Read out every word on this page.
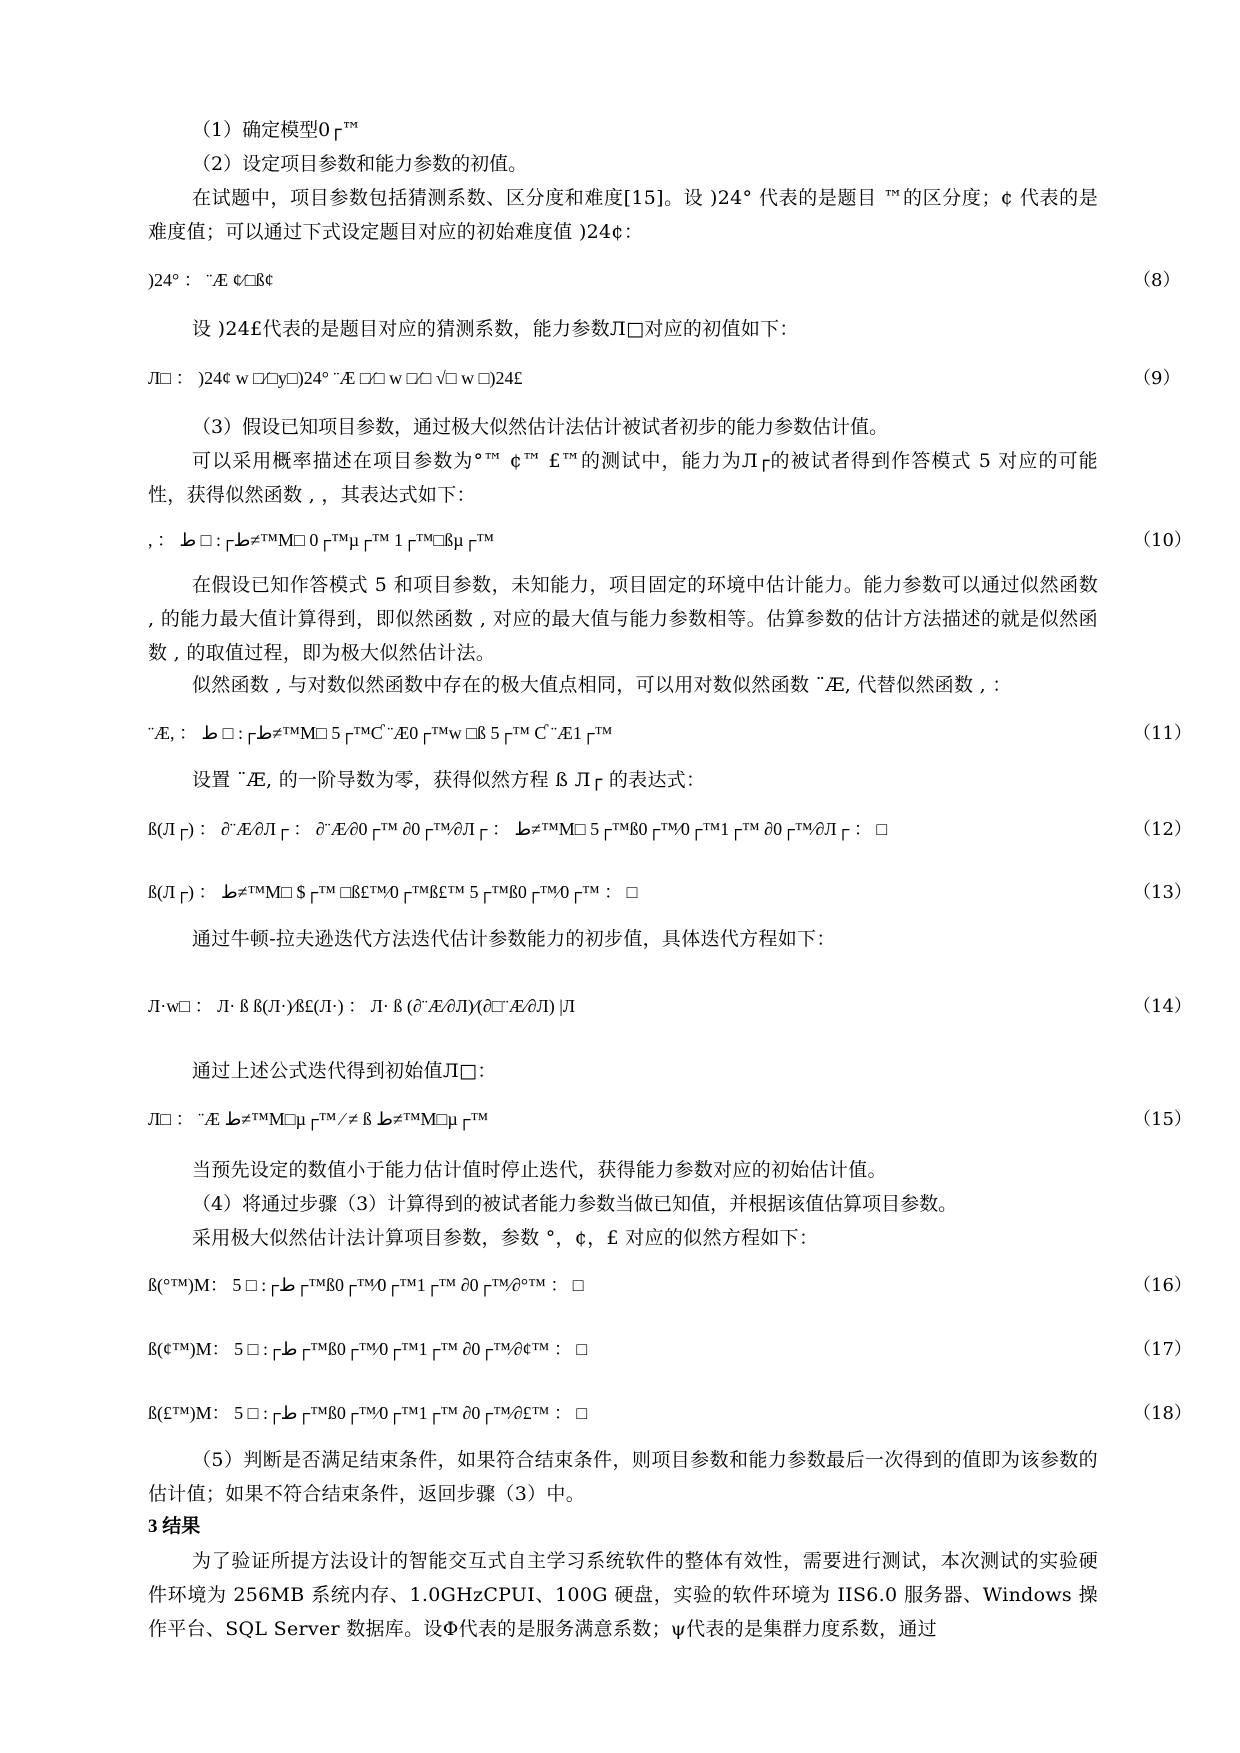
（1）确定模型0┌™
（2）设定项目参数和能力参数的初值。
在试题中，项目参数包括猜测系数、区分度和难度[15]。设 )24° 代表的是题目 ™的区分度；¢ 代表的是难度值；可以通过下式设定题目对应的初始难度值 )24¢：
)24° ： ¨Æ ¢⁄□ß¢	（8）
设 )24£代表的是题目对应的猜测系数，能力参数Л□对应的初值如下：
Л□ ： )24¢ w □⁄□y□)24° ¨Æ □⁄□ w □⁄□ √□ w □)24£	（9）
（3）假设已知项目参数，通过极大似然估计法估计被试者初步的能力参数估计值。
可以采用概率描述在项目参数为°™ ¢™ £™的测试中，能力为Л┌的被试者得到作答模式 5 对应的可能性，获得似然函数 , ，其表达式如下：
, ： ط┌: □ ط≠™M□ 0┌™µ┌™ 1┌™□ßµ┌™	（10）
在假设已知作答模式 5 和项目参数，未知能力，项目固定的环境中估计能力。能力参数可以通过似然函数 , 的能力最大值计算得到，即似然函数 , 对应的最大值与能力参数相等。估算参数的估计方法描述的就是似然函数 , 的取值过程，即为极大似然估计法。
似然函数 , 与对数似然函数中存在的极大值点相同，可以用对数似然函数 ¨Æ, 代替似然函数 , ：
¨Æ, ： ط┌: □ ط≠™M□ 5┌™Ƈ ¨Æ0┌™w □ß 5┌™ Ƈ ¨Æ1┌™	（11）
设置 ¨Æ, 的一阶导数为零，获得似然方程 ß Л┌ 的表达式：
ß(Л┌) ： ∂¨Æ⁄∂Л┌ ： ∂¨Æ⁄∂0┌™ ∂0┌™⁄∂Л┌ ： ط≠™M□ 5┌™ß0┌™⁄0┌™1┌™ ∂0┌™⁄∂Л┌ ： □	（12）
ß(Л┌) ： ط≠™M□ $┌™ □ß£™⁄0┌™ß£™ 5┌™ß0┌™⁄0┌™ ： □	（13）
通过牛顿-拉夫逊迭代方法迭代估计参数能力的初步值，具体迭代方程如下：
Л·w□ ： Л· ß ß(Л·)⁄ß£(Л·) ： Л· ß (∂¨Æ⁄∂Л)⁄(∂□¨Æ⁄∂Л) |Л	（14）
通过上述公式迭代得到初始值Л□：
Л□ ： ¨Æ ط≠™M□µ┌™ ⁄ ≠ ß ط≠™M□µ┌™	（15）
当预先设定的数值小于能力估计值时停止迭代，获得能力参数对应的初始估计值。
（4）将通过步骤（3）计算得到的被试者能力参数当做已知值，并根据该值估算项目参数。
采用极大似然估计法计算项目参数，参数 °，¢，£ 对应的似然方程如下：
ß(°™)M： ط┌: □ 5┌™ß0┌™⁄0┌™1┌™ ∂0┌™⁄∂°™ ： □	（16）
ß(¢™)M： ط┌: □ 5┌™ß0┌™⁄0┌™1┌™ ∂0┌™⁄∂¢™ ： □	（17）
ß(£™)M： ط┌: □ 5┌™ß0┌™⁄0┌™1┌™ ∂0┌™⁄∂£™ ： □	（18）
（5）判断是否满足结束条件，如果符合结束条件，则项目参数和能力参数最后一次得到的值即为该参数的估计值；如果不符合结束条件，返回步骤（3）中。
3 结果
为了验证所提方法设计的智能交互式自主学习系统软件的整体有效性，需要进行测试，本次测试的实验硬件环境为 256MB 系统内存、1.0GHzCPUI、100G 硬盘，实验的软件环境为 IIS6.0 服务器、Windows 操作平台、SQL Server 数据库。设Φ代表的是服务满意系数；ψ代表的是集群力度系数，通过
